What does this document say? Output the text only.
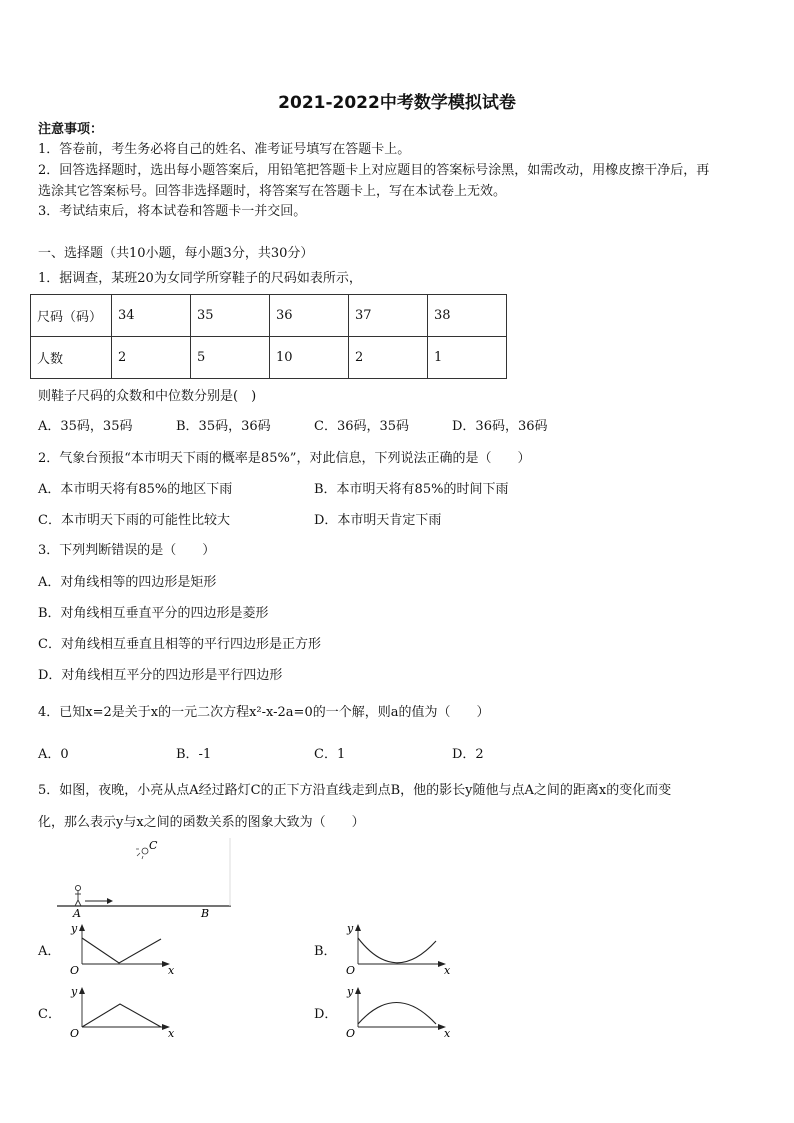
2021-2022中考数学模拟试卷
注意事项：
1．答卷前，考生务必将自己的姓名、准考证号填写在答题卡上。
2．回答选择题时，选出每小题答案后，用铅笔把答题卡上对应题目的答案标号涂黑，如需改动，用橡皮擦干净后，再
选涂其它答案标号。回答非选择题时，将答案写在答题卡上，写在本试卷上无效。
3．考试结束后，将本试卷和答题卡一并交回。
一、选择题（共10小题，每小题3分，共30分）
1．据调查，某班20为女同学所穿鞋子的尺码如表所示，
尺码（码）	34	35	36	37	38
人数	2	5	10	2	1
则鞋子尺码的众数和中位数分别是(　)
A．35码，35码	B．35码，36码	C．36码，35码	D．36码，36码
2．气象台预报“本市明天下雨的概率是85%”，对此信息，下列说法正确的是（　　）
A．本市明天将有85%的地区下雨	B．本市明天将有85%的时间下雨
C．本市明天下雨的可能性比较大	D．本市明天肯定下雨
3．下列判断错误的是（　　）
A．对角线相等的四边形是矩形
B．对角线相互垂直平分的四边形是菱形
C．对角线相互垂直且相等的平行四边形是正方形
D．对角线相互平分的四边形是平行四边形
4．已知x=2是关于x的一元二次方程x²-x-2a=0的一个解，则a的值为（　　）
A．0	B．-1	C．1	D．2
5．如图，夜晚，小亮从点A经过路灯C的正下方沿直线走到点B，他的影长y随他与点A之间的距离x的变化而变
化，那么表示y与x之间的函数关系的图象大致为（　　）
C
A	B
A．
y
x
O
B．
y
x
O
C．
y
x
O
D．
y
x
O
